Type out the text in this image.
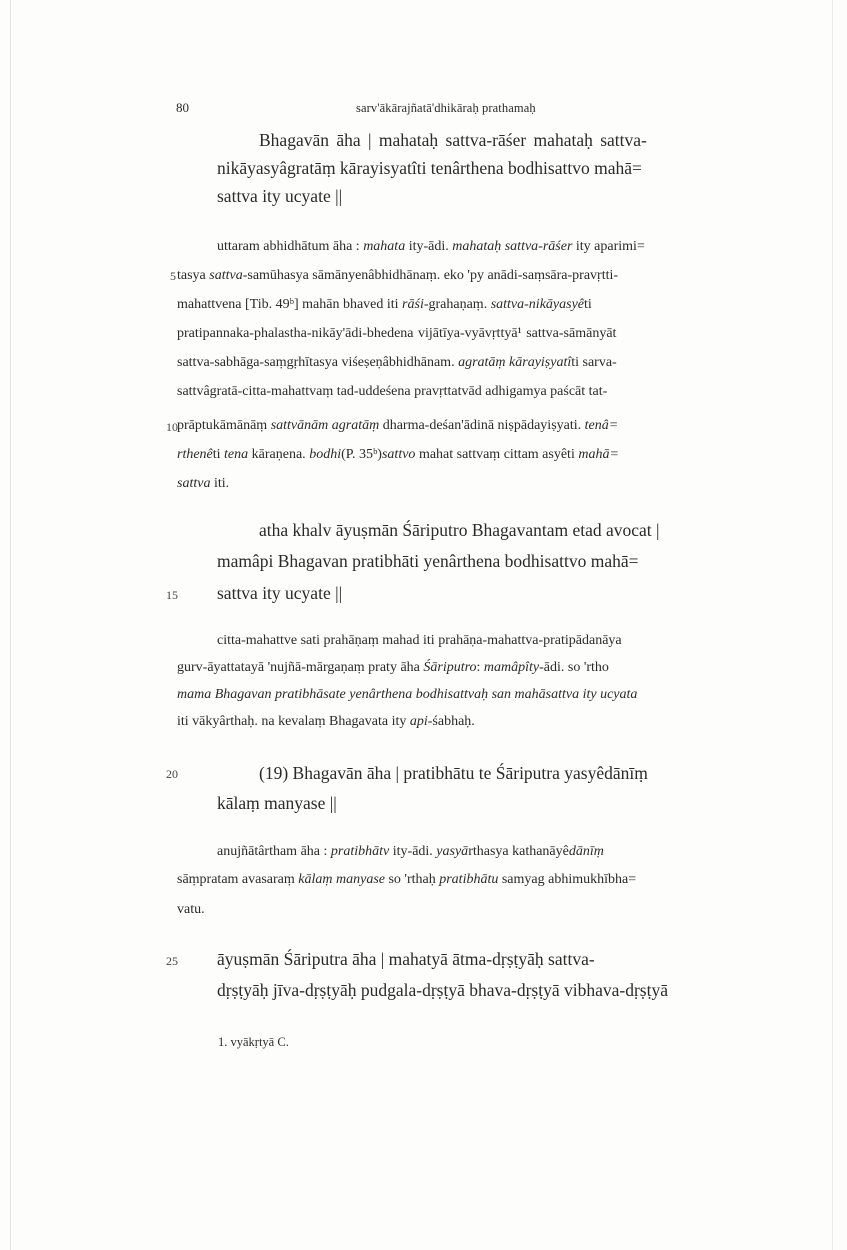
80	sarv'ākārajñatā'dhikāraḥ prathamaḥ
Bhagavān āha | mahataḥ sattva-rāśer mahataḥ sattva-
nikāyasyâgratāṃ kārayisyatîti tenârthena bodhisattvo mahā=
sattva ity ucyate ||
uttaram abhidhātum āha : mahata ity-ādi. mahataḥ sattva-rāśer ity aparimi=
5 tasya sattva-samūhasya sāmānyenâbhidhānaṃ. eko 'py anādi-saṃsāra-pravṛtti-
mahattvena [Tib. 49ᵇ] mahān bhaved iti rāśi-grahaṇaṃ. sattva-nikāyasyêti
pratipannaka-phalastha-nikāy'ādi-bhedena vijātīya-vyāvṛttyā¹ sattva-sāmānyāt
sattva-sabhāga-saṃgṛhītasya viśeṣeṇâbhidhānam. agratāṃ kārayiṣyatîti sarva-
sattvâgratā-citta-mahattvaṃ tad-uddeśena pravṛttatvād adhigamya paścāt tat-
10 prāptukāmānāṃ sattvānām agratāṃ dharma-deśan'ādinā niṣpādayiṣyati. tenâ=
rthenêti tena kāraṇena. bodhi(P. 35ᵇ)sattvo mahat sattvaṃ cittam asyêti mahā=
sattva iti.
atha khalv āyuṣmān Śāriputro Bhagavantam etad avocat |
mamâpi Bhagavan pratibhāti yenârthena bodhisattvo mahā=
15 sattva ity ucyate ||
citta-mahattve sati prahāṇaṃ mahad iti prahāṇa-mahattva-pratipādanāya
gurv-āyattatayā 'nujñā-mārgaṇaṃ praty āha Śāriputro: mamâpîty-ādi. so 'rtho
mama Bhagavan pratibhāsate yenârthena bodhisattvaḥ san mahāsattva ity ucyata
iti vākyârthaḥ. na kevalaṃ Bhagavata ity api-śabhaḥ.
20	(19) Bhagavān āha | pratibhātu te Śāriputra yasyêdānīṃ
kālaṃ manyase ||
anujñātârtham āha : pratibhātv ity-ādi. yasyārthasya kathanāyêdānīṃ
sāṃpratam avasaraṃ kālaṃ manyase so 'rthaḥ pratibhātu samyag abhimukhībha=
vatu.
25 āyuṣmān Śāriputra āha | mahatyā ātma-dṛṣṭyāḥ sattva-
dṛṣṭyāḥ jīva-dṛṣṭyāḥ pudgala-dṛṣṭyā bhava-dṛṣṭyā vibhava-dṛṣṭyā
1. vyākṛtyā C.
